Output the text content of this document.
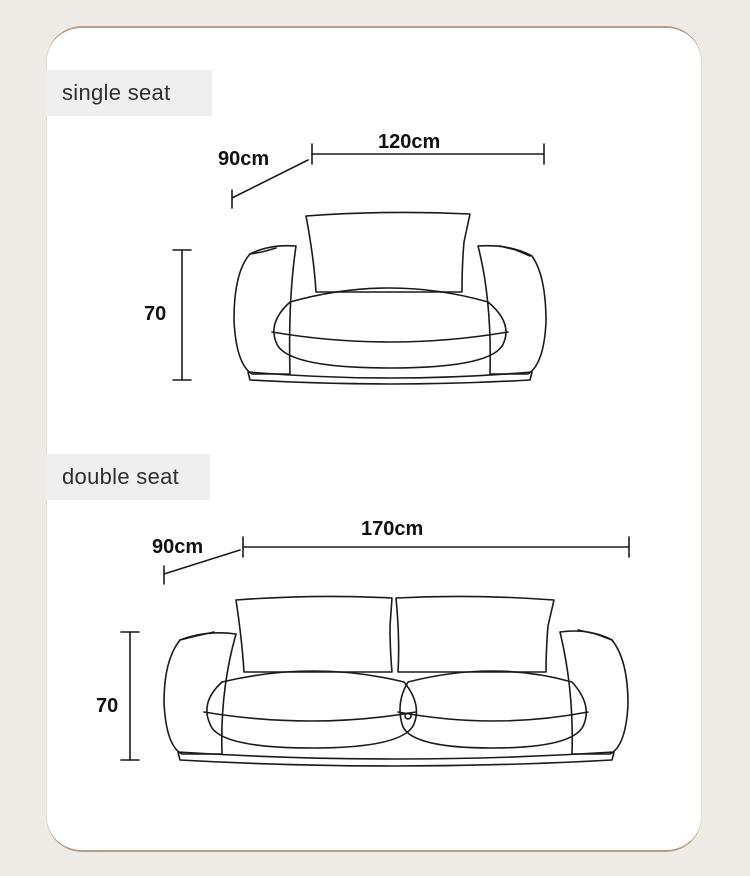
single seat
double seat
90cm
120cm
70
90cm
170cm
70
